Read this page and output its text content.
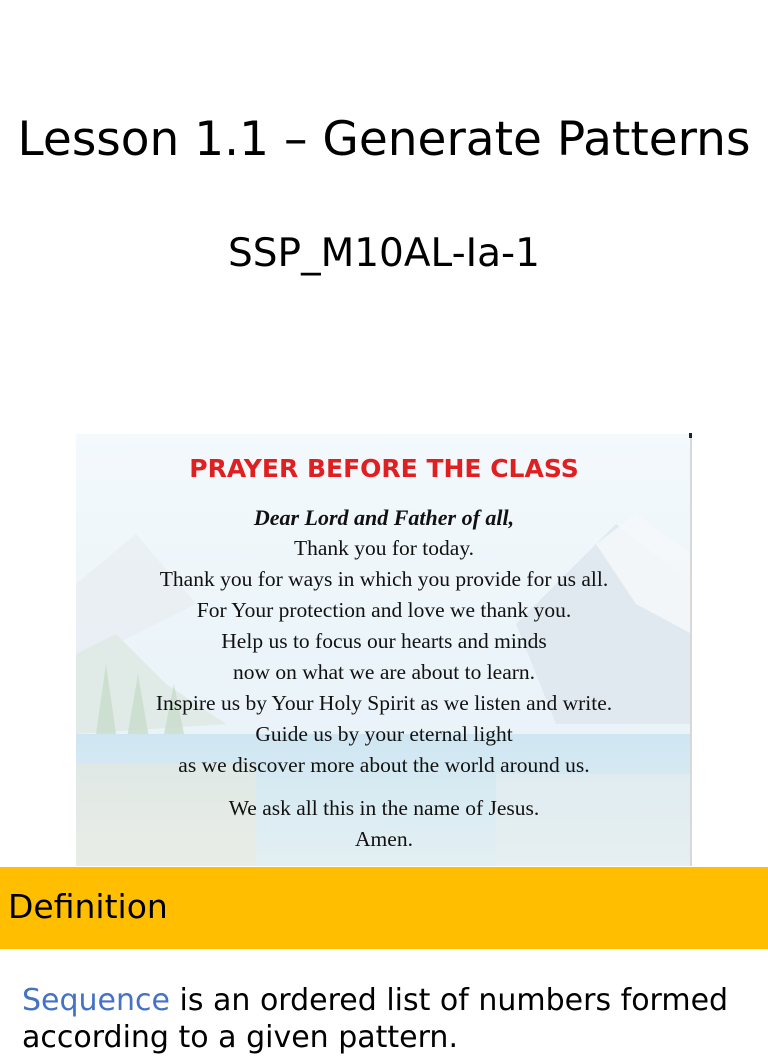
Lesson 1.1 – Generate Patterns
SSP_M10AL-Ia-1
PRAYER BEFORE THE CLASS
Dear Lord and Father of all,
Thank you for today.
Thank you for ways in which you provide for us all.
For Your protection and love we thank you.
Help us to focus our hearts and minds
now on what we are about to learn.
Inspire us by Your Holy Spirit as we listen and write.
Guide us by your eternal light
as we discover more about the world around us.
We ask all this in the name of Jesus.
Amen.
Definition
Sequence is an ordered list of numbers formed
according to a given pattern.
